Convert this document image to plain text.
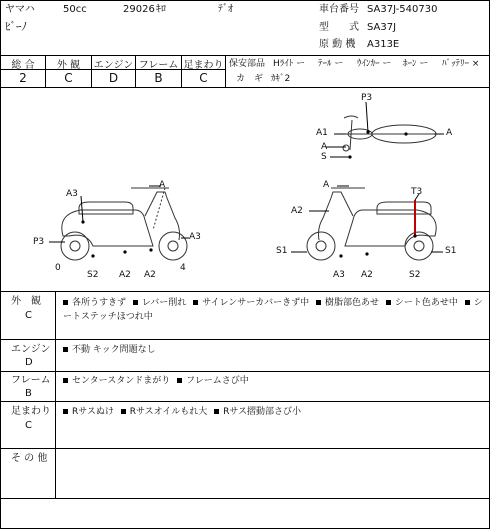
ヤマハ	50cc	29026 ｷﾛ	ﾃﾞｵ
ﾋﾞｰﾉ
車台番号 SA37J-540730
型　　式 SA37J
原 動 機 A313E
総 合	外 観	エンジン フレーム 足まわり
2	C	D	B	C
保安部品 Hﾗｲﾄ ー ﾃｰﾙ ー ｳｲﾝｶｰ ー ﾎｰﾝ ー ﾊﾞｯﾃﾘｰ ×
カ　ギ ｶｷﾞ2
P3
A1	A
A
S
A
A3
P3	A3
0
S2 A2 A2
4
A
T3
A2
S1	S1
A3 A2	S2
外　観
C
各所うすきず レバー削れ サイレンサーカバーきず中 樹脂部色あせ シート色あせ中 シートステッチほつれ中
エンジン
D
不動 キック問題なし
フレーム
B
センタースタンドまがり フレームさび中
足まわり
C
Rサスぬけ Rサスオイルもれ大 Rサス摺動部さび小
そ の 他
